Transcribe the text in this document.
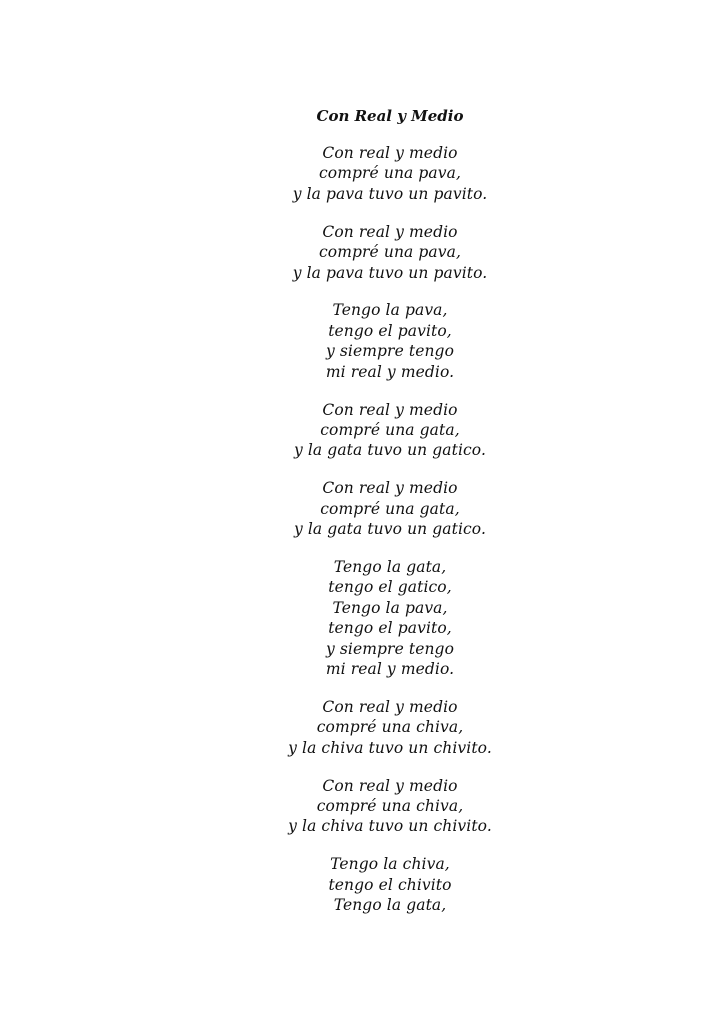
Con Real y Medio
Con real y medio
compré una pava,
y la pava tuvo un pavito.
Con real y medio
compré una pava,
y la pava tuvo un pavito.
Tengo la pava,
tengo el pavito,
y siempre tengo
mi real y medio.
Con real y medio
compré una gata,
y la gata tuvo un gatico.
Con real y medio
compré una gata,
y la gata tuvo un gatico.
Tengo la gata,
tengo el gatico,
Tengo la pava,
tengo el pavito,
y siempre tengo
mi real y medio.
Con real y medio
compré una chiva,
y la chiva tuvo un chivito.
Con real y medio
compré una chiva,
y la chiva tuvo un chivito.
Tengo la chiva,
tengo el chivito
Tengo la gata,
